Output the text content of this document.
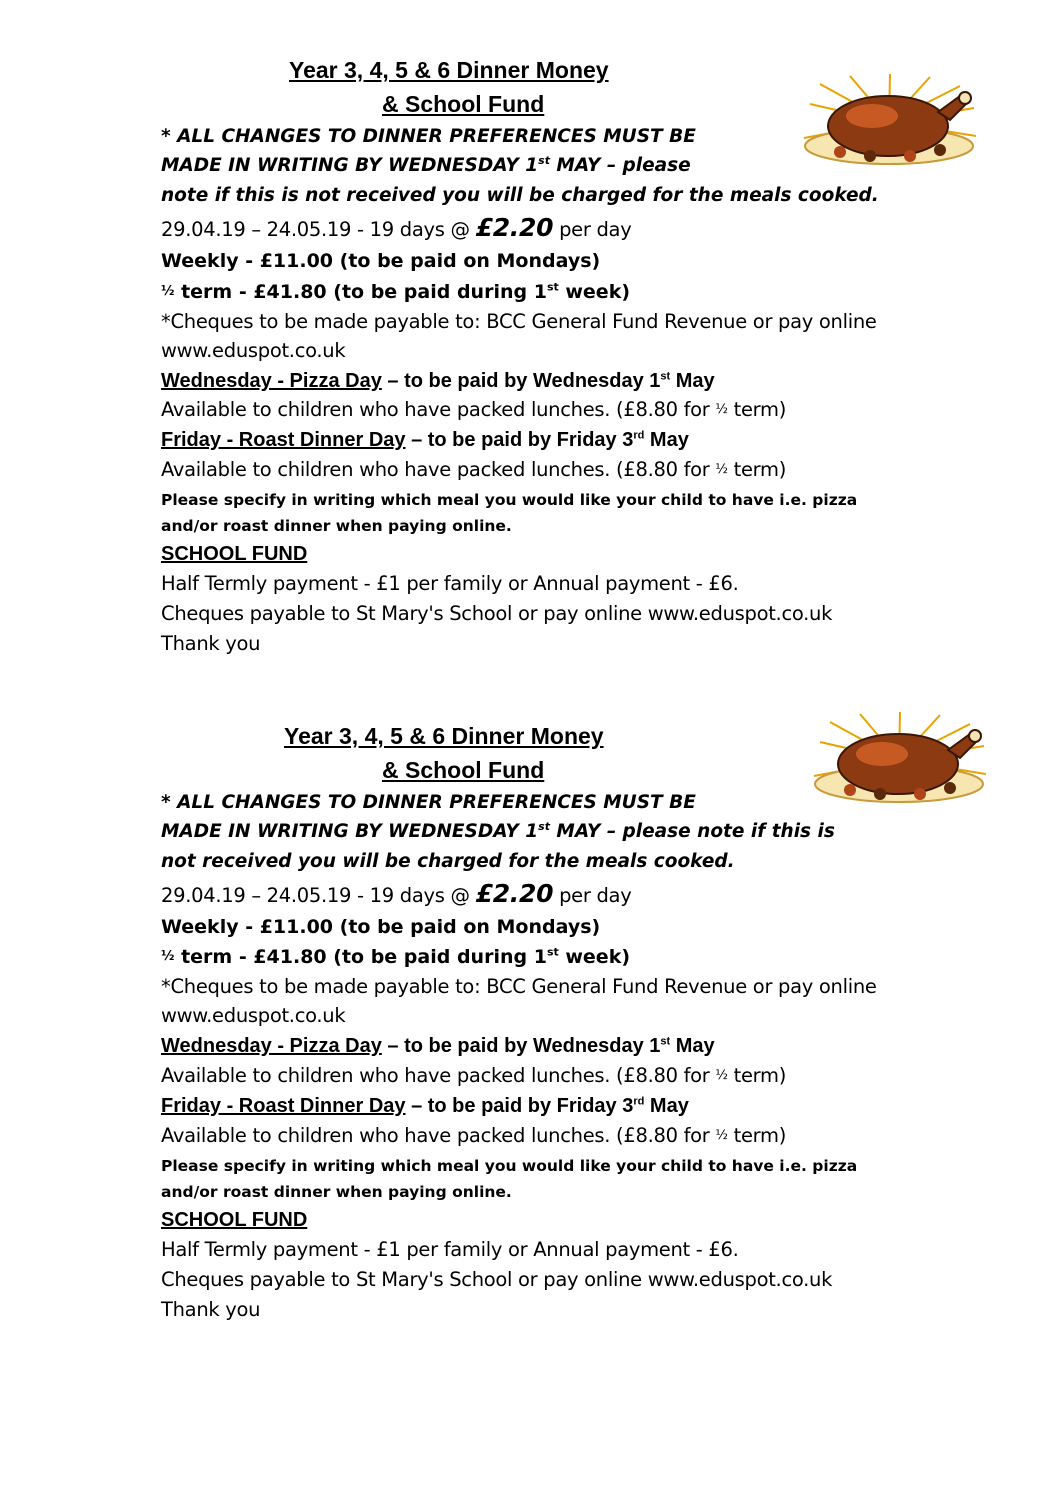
Year 3, 4, 5 & 6 Dinner Money
& School Fund
* ALL CHANGES TO DINNER PREFERENCES MUST BE
MADE IN WRITING BY WEDNESDAY 1st MAY – please
note if this is not received you will be charged for the meals cooked.
29.04.19 – 24.05.19 - 19 days @ £2.20 per day
Weekly - £11.00 (to be paid on Mondays)
½ term - £41.80 (to be paid during 1st week)
*Cheques to be made payable to: BCC General Fund Revenue or pay online
www.eduspot.co.uk
Wednesday - Pizza Day – to be paid by Wednesday 1st May
Available to children who have packed lunches. (£8.80 for ½ term)
Friday - Roast Dinner Day – to be paid by Friday 3rd May
Available to children who have packed lunches. (£8.80 for ½ term)
Please specify in writing which meal you would like your child to have i.e. pizza
and/or roast dinner when paying online.
SCHOOL FUND
Half Termly payment - £1 per family or Annual payment - £6.
Cheques payable to St Mary's School or pay online www.eduspot.co.uk
Thank you
Year 3, 4, 5 & 6 Dinner Money
& School Fund
* ALL CHANGES TO DINNER PREFERENCES MUST BE
MADE IN WRITING BY WEDNESDAY 1st MAY – please note if this is
not received you will be charged for the meals cooked.
29.04.19 – 24.05.19 - 19 days @ £2.20 per day
Weekly - £11.00 (to be paid on Mondays)
½ term - £41.80 (to be paid during 1st week)
*Cheques to be made payable to: BCC General Fund Revenue or pay online
www.eduspot.co.uk
Wednesday - Pizza Day – to be paid by Wednesday 1st May
Available to children who have packed lunches. (£8.80 for ½ term)
Friday - Roast Dinner Day – to be paid by Friday 3rd May
Available to children who have packed lunches. (£8.80 for ½ term)
Please specify in writing which meal you would like your child to have i.e. pizza
and/or roast dinner when paying online.
SCHOOL FUND
Half Termly payment - £1 per family or Annual payment - £6.
Cheques payable to St Mary's School or pay online www.eduspot.co.uk
Thank you
